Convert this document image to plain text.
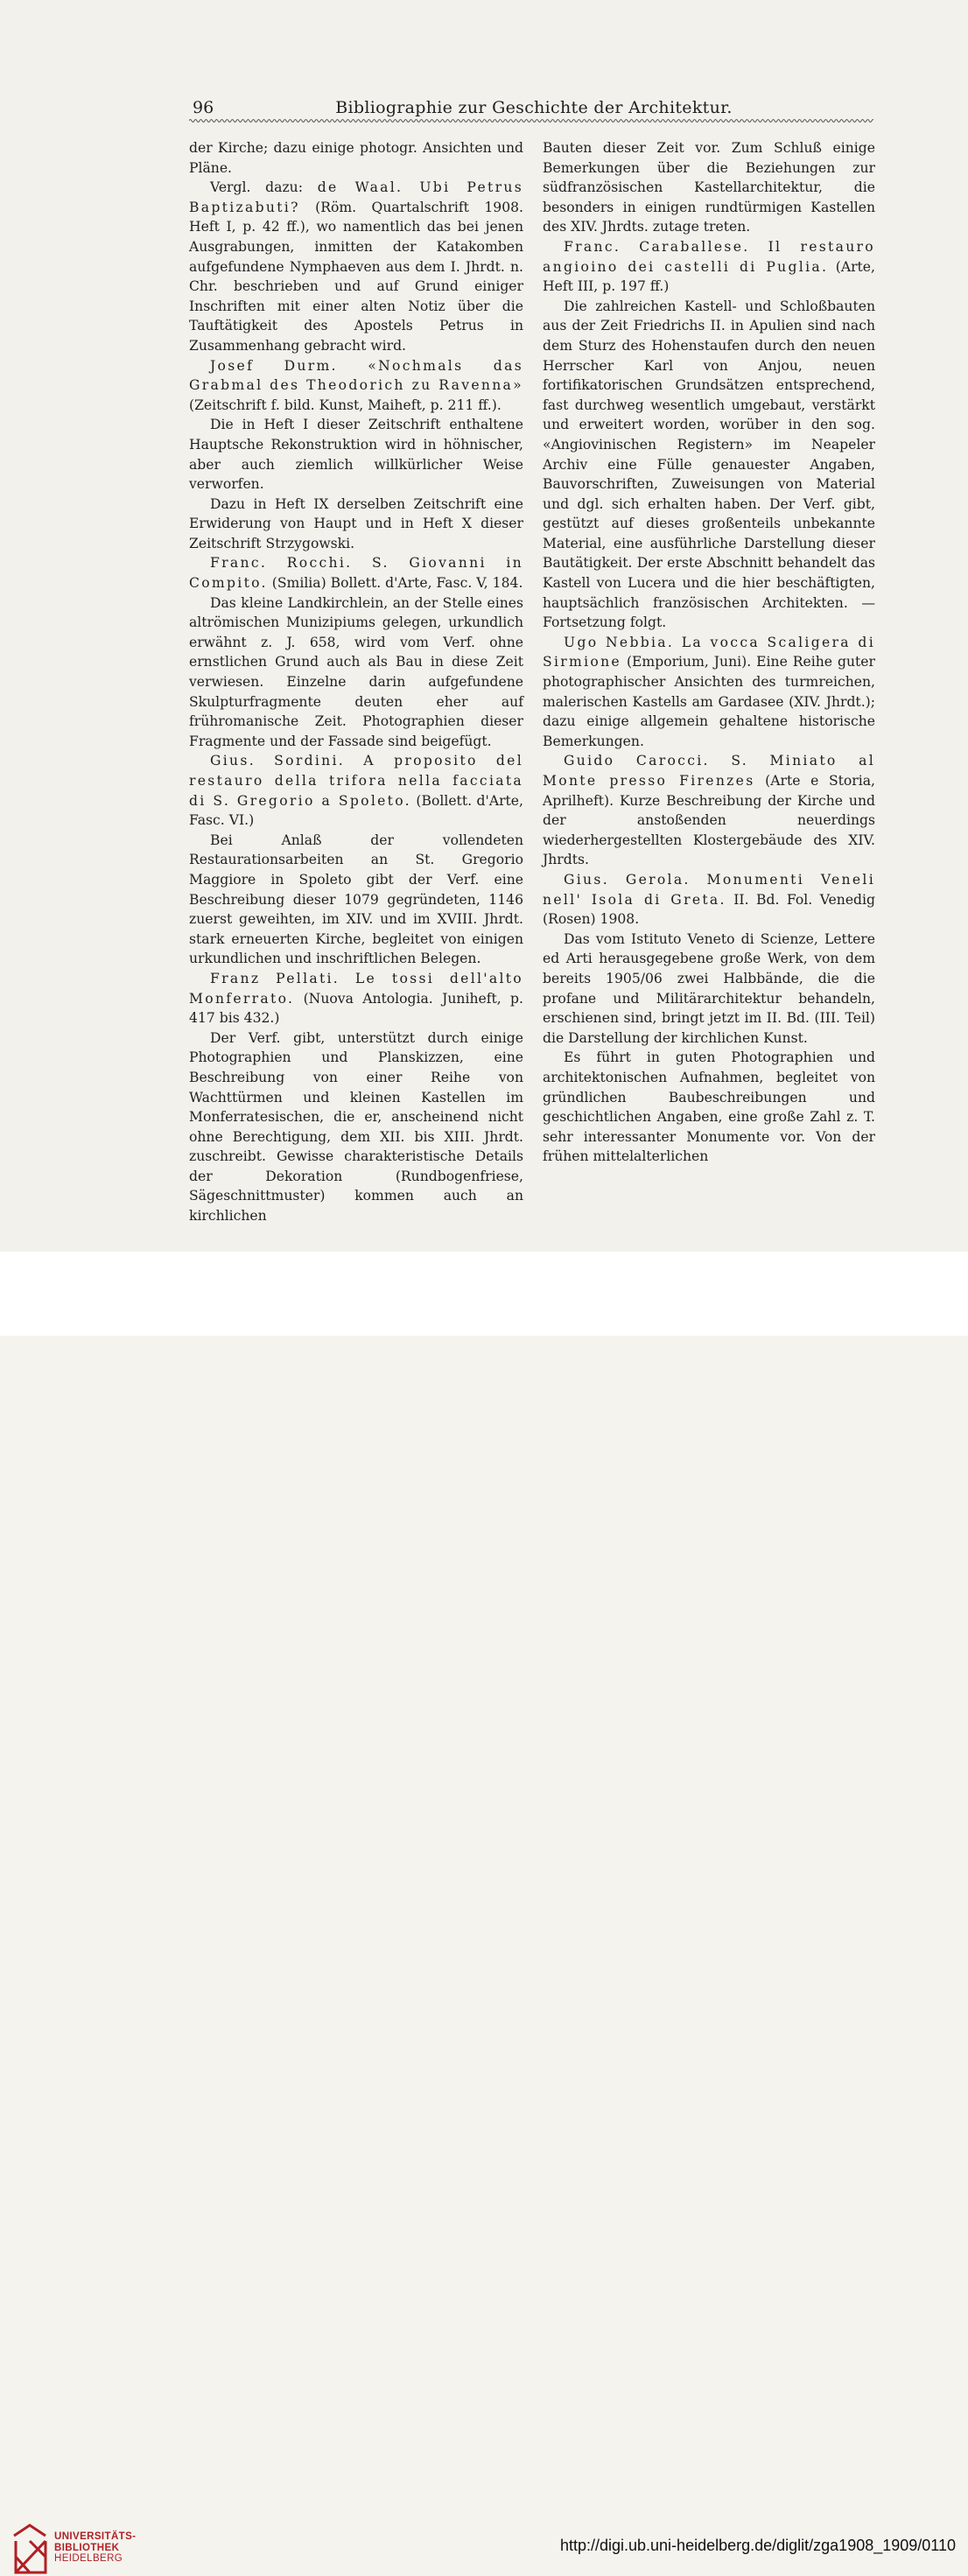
96	Bibliographie zur Geschichte der Architektur.

der Kirche; dazu einige photogr. Ansichten und Pläne.

Vergl. dazu: de Waal. Ubi Petrus Baptizabuti? (Röm. Quartalschrift 1908. Heft I, p. 42 ff.), wo namentlich das bei jenen Ausgrabungen, inmitten der Katakomben aufgefundene Nymphaeven aus dem I. Jhrdt. n. Chr. beschrieben und auf Grund einiger Inschriften mit einer alten Notiz über die Tauftätigkeit des Apostels Petrus in Zusammenhang gebracht wird.

Josef Durm. «Nochmals das Grabmal des Theodorich zu Ravenna» (Zeitschrift f. bild. Kunst, Maiheft, p. 211 ff.).

Die in Heft I dieser Zeitschrift enthaltene Hauptsche Rekonstruktion wird in höhnischer, aber auch ziemlich willkürlicher Weise verworfen.

Dazu in Heft IX derselben Zeitschrift eine Erwiderung von Haupt und in Heft X dieser Zeitschrift Strzygowski.

Franc. Rocchi. S. Giovanni in Compito. (Smilia) Bollett. d'Arte, Fasc. V, 184.

Das kleine Landkirchlein, an der Stelle eines altrömischen Munizipiums gelegen, urkundlich erwähnt z. J. 658, wird vom Verf. ohne ernstlichen Grund auch als Bau in diese Zeit verwiesen. Einzelne darin aufgefundene Skulpturfragmente deuten eher auf frühromanische Zeit. Photographien dieser Fragmente und der Fassade sind beigefügt.

Gius. Sordini. A proposito del restauro della trifora nella facciata di S. Gregorio a Spoleto. (Bollett. d'Arte, Fasc. VI.)

Bei Anlaß der vollendeten Restaurationsarbeiten an St. Gregorio Maggiore in Spoleto gibt der Verf. eine Beschreibung dieser 1079 gegründeten, 1146 zuerst geweihten, im XIV. und im XVIII. Jhrdt. stark erneuerten Kirche, begleitet von einigen urkundlichen und inschriftlichen Belegen.

Franz Pellati. Le tossi dell'alto Monferrato. (Nuova Antologia. Juniheft, p. 417 bis 432.)

Der Verf. gibt, unterstützt durch einige Photographien und Planskizzen, eine Beschreibung von einer Reihe von Wachttürmen und kleinen Kastellen im Monferratesischen, die er, anscheinend nicht ohne Berechtigung, dem XII. bis XIII. Jhrdt. zuschreibt. Gewisse charakteristische Details der Dekoration (Rundbogenfriese, Sägeschnittmuster) kommen auch an kirchlichen

Bauten dieser Zeit vor. Zum Schluß einige Bemerkungen über die Beziehungen zur südfranzösischen Kastellarchitektur, die besonders in einigen rundtürmigen Kastellen des XIV. Jhrdts. zutage treten.

Franc. Caraballese. Il restauro angioino dei castelli di Puglia. (Arte, Heft III, p. 197 ff.)

Die zahlreichen Kastell- und Schloßbauten aus der Zeit Friedrichs II. in Apulien sind nach dem Sturz des Hohenstaufen durch den neuen Herrscher Karl von Anjou, neuen fortifikatorischen Grundsätzen entsprechend, fast durchweg wesentlich umgebaut, verstärkt und erweitert worden, worüber in den sog. «Angiovinischen Registern» im Neapeler Archiv eine Fülle genauester Angaben, Bauvorschriften, Zuweisungen von Material und dgl. sich erhalten haben. Der Verf. gibt, gestützt auf dieses großenteils unbekannte Material, eine ausführliche Darstellung dieser Bautätigkeit. Der erste Abschnitt behandelt das Kastell von Lucera und die hier beschäftigten, hauptsächlich französischen Architekten. — Fortsetzung folgt.

Ugo Nebbia. La vocca Scaligera di Sirmione (Emporium, Juni). Eine Reihe guter photographischer Ansichten des turmreichen, malerischen Kastells am Gardasee (XIV. Jhrdt.); dazu einige allgemein gehaltene historische Bemerkungen.

Guido Carocci. S. Miniato al Monte presso Firenzes (Arte e Storia, Aprilheft). Kurze Beschreibung der Kirche und der anstoßenden neuerdings wiederhergestellten Klostergebäude des XIV. Jhrdts.

Gius. Gerola. Monumenti Veneli nell' Isola di Greta. II. Bd. Fol. Venedig (Rosen) 1908.

Das vom Istituto Veneto di Scienze, Lettere ed Arti herausgegebene große Werk, von dem bereits 1905/06 zwei Halbbände, die die profane und Militärarchitektur behandeln, erschienen sind, bringt jetzt im II. Bd. (III. Teil) die Darstellung der kirchlichen Kunst.

Es führt in guten Photographien und architektonischen Aufnahmen, begleitet von gründlichen Baubeschreibungen und geschichtlichen Angaben, eine große Zahl z. T. sehr interessanter Monumente vor. Von der frühen mittelalterlichen

UNIVERSITÄTS-
BIBLIOTHEK
HEIDELBERG
http://digi.ub.uni-heidelberg.de/diglit/zga1908_1909/0110
